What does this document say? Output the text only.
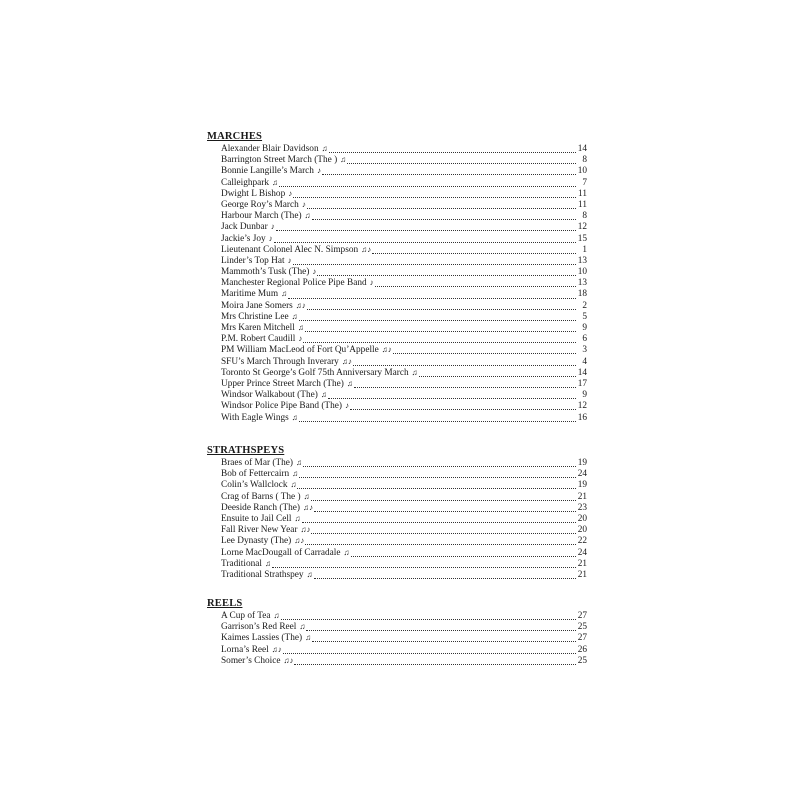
MARCHES
Alexander Blair Davidson ♫	14
Barrington Street March (The ) ♫	8
Bonnie Langille’s March ♪	10
Calleighpark ♫	7
Dwight L Bishop ♪	11
George Roy’s March ♪	11
Harbour March (The) ♫	8
Jack Dunbar ♪	12
Jackie’s Joy ♪	15
Lieutenant Colonel Alec N. Simpson ♫♪	1
Linder’s Top Hat ♪	13
Mammoth’s Tusk (The) ♪	10
Manchester Regional Police Pipe Band ♪	13
Maritime Mum ♫	18
Moira Jane Somers ♫♪	2
Mrs Christine Lee ♫	5
Mrs Karen Mitchell ♫	9
P.M. Robert Caudill ♪	6
PM William MacLeod of Fort Qu’Appelle ♫♪	3
SFU’s March Through Inverary ♫♪	4
Toronto St George’s Golf 75th Anniversary March ♫	14
Upper Prince Street March (The) ♫	17
Windsor Walkabout (The) ♫	9
Windsor Police Pipe Band (The) ♪	12
With Eagle Wings ♫	16
STRATHSPEYS
Braes of Mar (The) ♫	19
Bob of Fettercairn ♫	24
Colin’s Wallclock ♫	19
Crag of Barns ( The ) ♫	21
Deeside Ranch (The) ♫♪	23
Ensuite to Jail Cell ♫	20
Fall River New Year ♫♪	20
Lee Dynasty (The) ♫♪	22
Lorne MacDougall of Carradale ♫	24
Traditional ♫	21
Traditional Strathspey ♫	21
REELS
A Cup of Tea ♫	27
Garrison’s Red Reel ♫	25
Kaimes Lassies (The) ♫	27
Lorna’s Reel ♫♪	26
Somer’s Choice ♫♪	25
